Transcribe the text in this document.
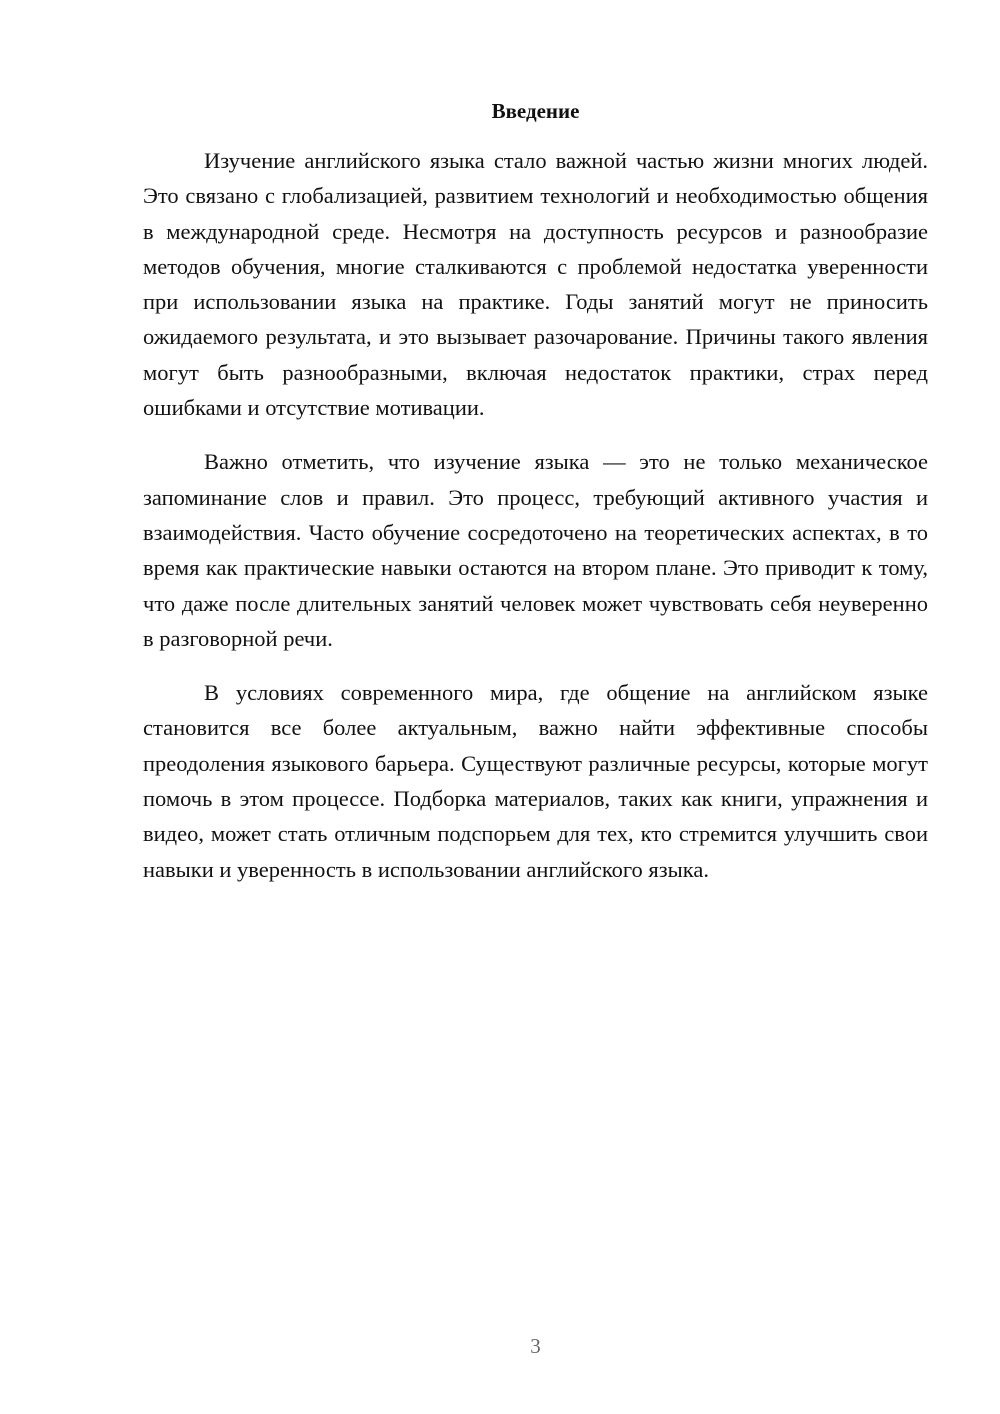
Введение

Изучение английского языка стало важной частью жизни многих людей. Это связано с глобализацией, развитием технологий и необходимостью общения в международной среде. Несмотря на доступность ресурсов и разнообразие методов обучения, многие сталкиваются с проблемой недостатка уверенности при использовании языка на практике. Годы занятий могут не приносить ожидаемого результата, и это вызывает разочарование. Причины такого явления могут быть разнообразными, включая недостаток практики, страх перед ошибками и отсутствие мотивации.

Важно отметить, что изучение языка — это не только механическое запоминание слов и правил. Это процесс, требующий активного участия и взаимодействия. Часто обучение сосредоточено на теоретических аспектах, в то время как практические навыки остаются на втором плане. Это приводит к тому, что даже после длительных занятий человек может чувствовать себя неуверенно в разговорной речи.

В условиях современного мира, где общение на английском языке становится все более актуальным, важно найти эффективные способы преодоления языкового барьера. Существуют различные ресурсы, которые могут помочь в этом процессе. Подборка материалов, таких как книги, упражнения и видео, может стать отличным подспорьем для тех, кто стремится улучшить свои навыки и уверенность в использовании английского языка.

3
